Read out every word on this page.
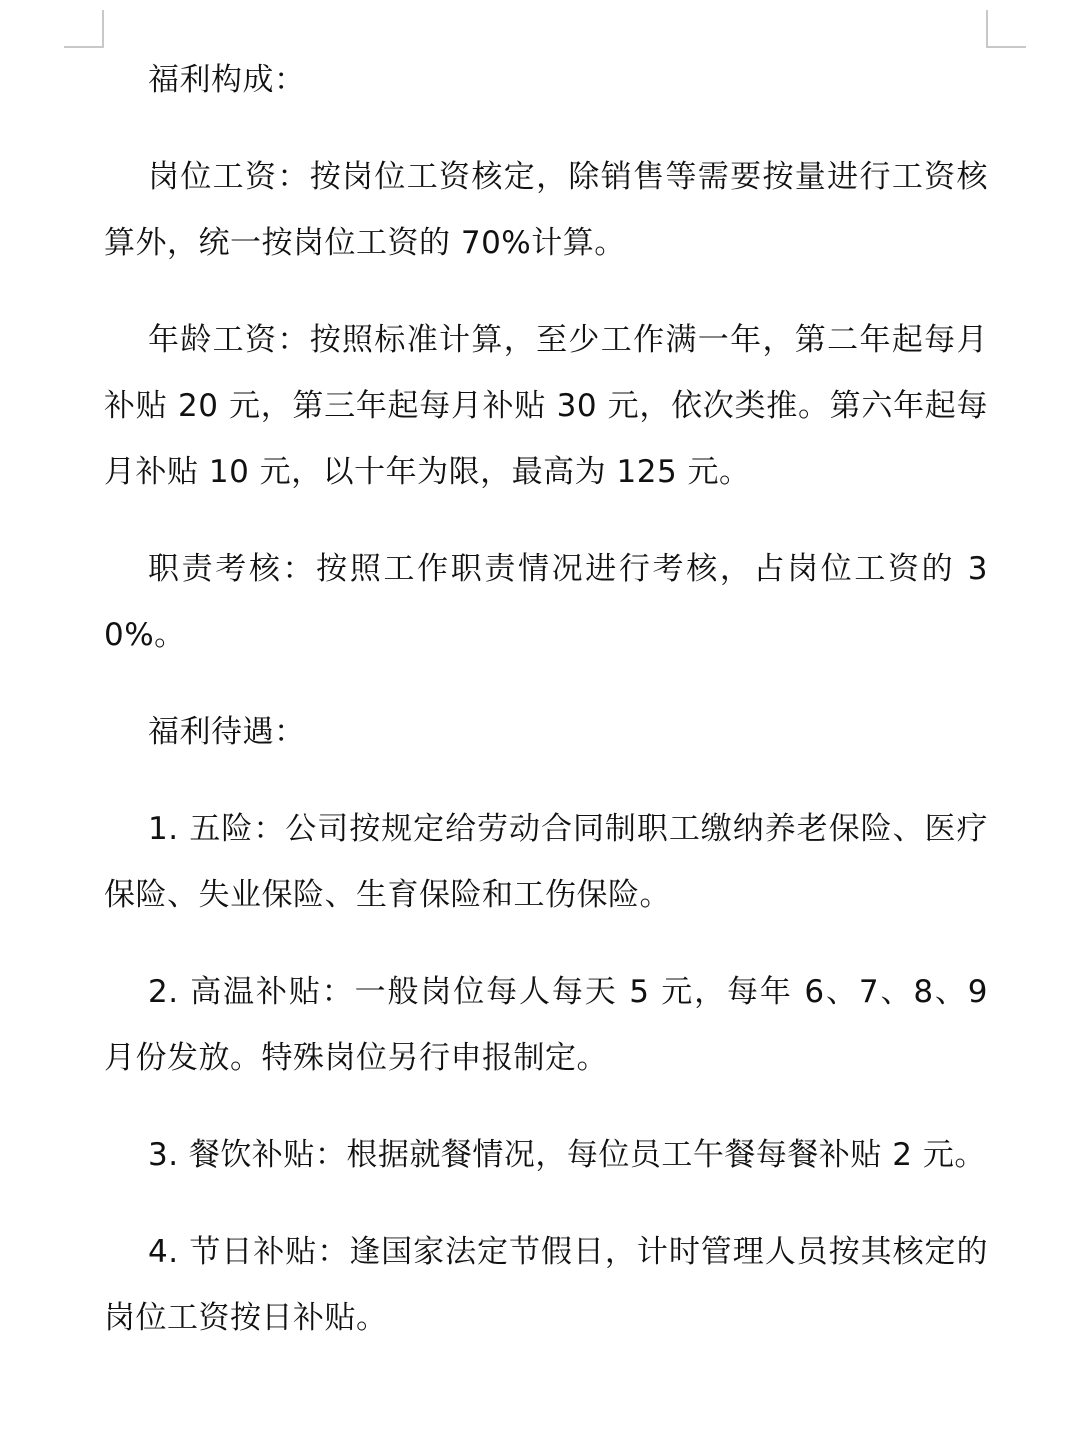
福利构成：

岗位工资：按岗位工资核定，除销售等需要按量进行工资核算外，统一按岗位工资的 70%计算。

年龄工资：按照标准计算，至少工作满一年，第二年起每月补贴 20 元，第三年起每月补贴 30 元，依次类推。第六年起每月补贴 10 元，以十年为限，最高为 125 元。

职责考核：按照工作职责情况进行考核，占岗位工资的 30%。

福利待遇：

1. 五险：公司按规定给劳动合同制职工缴纳养老保险、医疗保险、失业保险、生育保险和工伤保险。

2. 高温补贴：一般岗位每人每天 5 元，每年 6、7、8、9 月份发放。特殊岗位另行申报制定。

3. 餐饮补贴：根据就餐情况，每位员工午餐每餐补贴 2 元。

4. 节日补贴：逢国家法定节假日，计时管理人员按其核定的岗位工资按日补贴。
